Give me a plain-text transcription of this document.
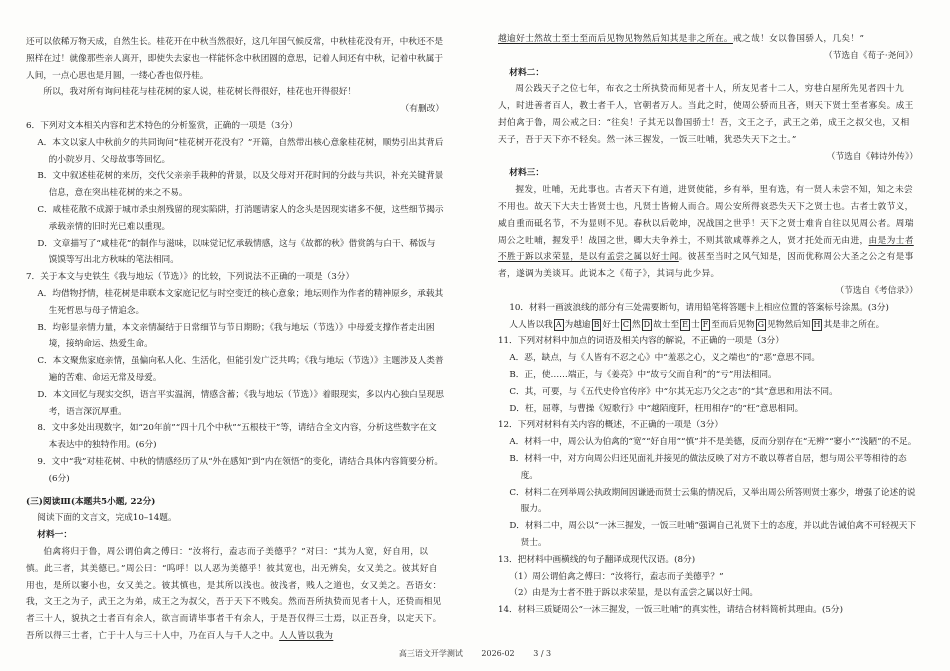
还可以依稀万物天成，自然生长。桂花开在中秋当然很好，这几年国气候反常，中秋桂花没有开，中秋还不是照样在过！就像那些亲人离开，即使失去家也一样能怀念中秋团圆的意思，记着人间还有中秋，记着中秋属于人间，一点心思也是月圆，一缕心香也似丹桂。

所以，我对所有询问桂花与桂花树的家人说，桂花树长得很好，桂花也开得很好！

（有删改）

6．下列对文本相关内容和艺术特色的分析鉴赏，正确的一项是（3分）

A．本文以家人中秋前夕的共同询问“桂花树开花没有？”开篇，自然带出核心意象桂花树，顺势引出其背后的小院岁月、父母故事等回忆。

B．文中叙述桂花树的来历，交代父亲亲手栽种的背景，以及父母对开花时间的分歧与共识，补充关键背景信息，意在突出桂花树的来之不易。

C．咸桂花散不成源于城市杀虫剂残留的现实陷阱，打消题请家人的念头是因现实诸多不便，这些细节揭示承载亲情的旧时光已难以重现。

D．文章描写了“咸桂花”的制作与滋味，以味觉记忆承载情感，这与《故都的秋》借赏鸽与白干、稀饭与馍馍等写出北方秋味的笔法相同。

7．关于本文与史铁生《我与地坛（节选）》的比较，下列说法不正确的一项是（3分）

A．均借物抒情，桂花树是串联本文家庭记忆与时空变迁的核心意象；地坛则作为作者的精神原乡，承载其生死哲思与母子情追念。

B．均彰显亲情力量，本文亲情凝结于日常细节与节日期盼；《我与地坛（节选）》中母爱支撑作者走出困境，接纳命运、热爱生命。

C．本文聚焦家庭亲情，虽偏向私人化、生活化，但能引发广泛共鸣；《我与地坛（节选）》主题涉及人类普遍的苦难、命运无常及母爱。

D．本文回忆与现实交织，语言平实温润，情感含蓄；《我与地坛（节选）》着眼现实，多以内心独白呈现思考，语言深沉厚重。

8．文中多处出现数字，如“20年前”“四十几个中秋”“五根枝干”等，请结合全文内容，分析这些数字在文本表达中的独特作用。(6分)

9．文中“我”对桂花树、中秋的情感经历了从“外在感知”到“内在领悟”的变化，请结合具体内容简要分析。(6分)

(三)阅读Ⅲ(本题共5小题, 22分)

阅读下面的文言文，完成10–14题。

材料一：

伯禽将归于鲁，周公谓伯禽之傅曰：“汝将行，盍志而子美德乎？”对曰：“其为人宽，好自用，以慎。此三者，其美德已。”周公曰：“呜呼！以人恶为美德乎！彼其宽也，出无辨矣，女又美之。彼其好自用也，是所以窭小也，女又美之。彼其慎也，是其所以浅也。彼浅者，贱人之道也，女又美之。吾语女：我，文王之为子，武王之为弟，成王之为叔父，吾于天下不贱矣。然而吾所执贽而见者十人，还贽而相见者三十人，貌执之士者百有余人，欲言而请毕事者千有余人，于是吾仅得三士焉，以正吾身，以定天下。吾所以得三士者，亡于十人与三十人中，乃在百人与千人之中。人人皆以我为

越逾好士然故士至士至而后见物见物然后知其是非之所在。戒之哉！女以鲁国骄人，几矣！”

（节选自《荀子·尧问》）

材料二：

周公践天子之位七年，布衣之士所执贽而师见者十人，所友见者十二人，穷巷白屋所先见者四十九人，时进善者百人，教士者千人，官朝者万人。当此之时，使周公骄而且吝，则天下贤士至者寡矣。成王封伯禽于鲁，周公戒之曰：“往矣！子其无以鲁国骄士！吾，文王之子，武王之弟，成王之叔父也，又相天子，吾于天下亦不轻矣。然一沐三握发，一饭三吐哺，犹恐失天下之士。”

（节选自《韩诗外传》）

材料三：

握发，吐哺，无此事也。古者天下有道，进贤使能，乡有举，里有选，有一贤人未尝不知，知之未尝不用也。故天下大夫士皆贤士也，凡贤士皆俯人而合。周公安所得哀恐失天下之贤士也。古者士敦节义，威自重而砥名节，不为显则不见。春秋以后乾坤，况战国之世乎！天下之贤士难肯自往以见周公者。周瑞周公之吐哺，握发乎！战国之世，卿大夫争养士，不则其欲咸尊养之人，贤才托处而无由进，由是为士者不胜于跅以求荣显，是以有孟尝之属以好士闻。彼甚至当时之风气知是，因而优称周公大圣之公之有是事者，遂调为美谈耳。此说本之《荀子》，其词与此少异。

（节选自《考信录》）

10．材料一画波浪线的部分有三处需要断句，请用铅笔将答题卡上相应位置的答案标号涂黑。(3分)

人人皆以我 A 为越逾 B 好士 C 然 D 故士至 E 士 F 至而后见物 G 见物然后知 H 其是非之所在。

11．下列对材料中加点的词语及相关内容的解说，不正确的一项是（3分）

A．恶，缺点，与《人皆有不忍之心》中“羞恶之心，义之端也”的“恶”意思不同。

B．正，使……端正，与《姜亮》中“故亏父而自利”的“亏”用法相同。

C．其，可要，与《五代史伶官传序》中“尔其无忘乃父之志”的“其”意思和用法不同。

D．枉，屈尊，与曹操《短歌行》中“越陌度阡，枉用相存”的“枉”意思相同。

12．下列对材料有关内容的概述，不正确的一项是（3分）

A．材料一中，周公认为伯禽的“宽”“好自用”“慎”并不是美德，反而分别存在“无辨”“窭小”“浅陋”的不足。

B．材料一中，对方向周公归还见面礼并接见的做法反映了对方不敢以尊者自居，想与周公平等相待的态度。

C．材料二在列举周公执政期间因谦逊而贤士云集的情况后，又举出周公所答则贤士寡少，增强了论述的说服力。

D．材料二中，周公以“一沐三握发，一饭三吐哺”强调自己礼贤下士的态度，并以此告诫伯禽不可轻视天下贤士。

13．把材料中画横线的句子翻译成现代汉语。(8分)

（1）周公谓伯禽之傅曰：“汝将行，盍志而子美德乎？”

（2）由是为士者不胜于跅以求荣显，是以有孟尝之属以好士闻。

14．材料三质疑周公“一沐三握发，一饭三吐哺”的真实性，请结合材料简析其理由。(5分)

高三语文开学测试 2026-02 3 / 3
